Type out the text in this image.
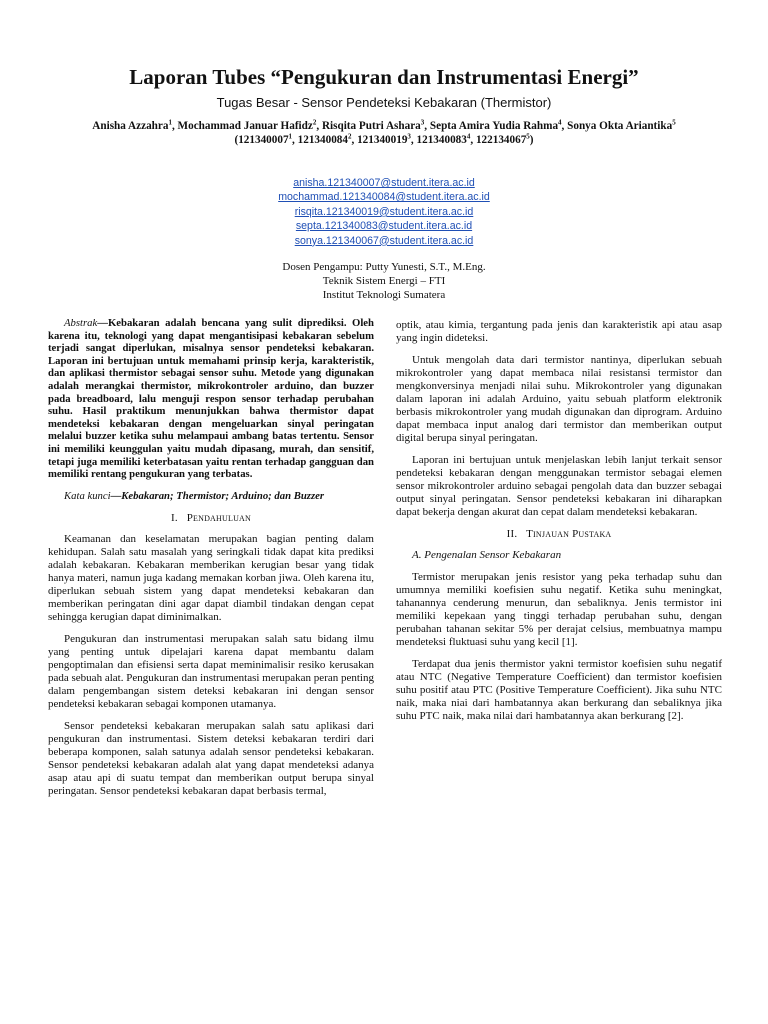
Laporan Tubes “Pengukuran dan Instrumentasi Energi”
Tugas Besar - Sensor Pendeteksi Kebakaran (Thermistor)
Anisha Azzahra$^1$, Mochammad Januar Hafidz$^2$, Risqita Putri Ashara$^3$, Septa Amira Yudia Rahma$^4$, Sonya Okta Ariantika$^5$
(121340007$^1$, 121340084$^2$, 121340019$^3$, 121340083$^4$, 122134067$^5$)
anisha.121340007@student.itera.ac.id
mochammad.121340084@student.itera.ac.id
risqita.121340019@student.itera.ac.id
septa.121340083@student.itera.ac.id
sonya.121340067@student.itera.ac.id
Dosen Pengampu: Putty Yunesti, S.T., M.Eng.
Teknik Sistem Energi – FTI
Institut Teknologi Sumatera

Abstrak—Kebakaran adalah bencana yang sulit diprediksi. Oleh karena itu, teknologi yang dapat mengantisipasi kebakaran sebelum terjadi sangat diperlukan, misalnya sensor pendeteksi kebakaran. Laporan ini bertujuan untuk memahami prinsip kerja, karakteristik, dan aplikasi thermistor sebagai sensor suhu. Metode yang digunakan adalah merangkai thermistor, mikrokontroler arduino, dan buzzer pada breadboard, lalu menguji respon sensor terhadap perubahan suhu. Hasil praktikum menunjukkan bahwa thermistor dapat mendeteksi kebakaran dengan mengeluarkan sinyal peringatan melalui buzzer ketika suhu melampaui ambang batas tertentu. Sensor ini memiliki keunggulan yaitu mudah dipasang, murah, dan sensitif, tetapi juga memiliki keterbatasan yaitu rentan terhadap gangguan dan memiliki rentang pengukuran yang terbatas.

Kata kunci—Kebakaran; Thermistor; Arduino; dan Buzzer

I. Pendahuluan

Keamanan dan keselamatan merupakan bagian penting dalam kehidupan. Salah satu masalah yang seringkali tidak dapat kita prediksi adalah kebakaran. Kebakaran memberikan kerugian besar yang tidak hanya materi, namun juga kadang memakan korban jiwa. Oleh karena itu, diperlukan sebuah sistem yang dapat mendeteksi kebakaran dan memberikan peringatan dini agar dapat diambil tindakan dengan cepat sehingga kerugian dapat diminimalkan.

Pengukuran dan instrumentasi merupakan salah satu bidang ilmu yang penting untuk dipelajari karena dapat membantu dalam pengoptimalan dan efisiensi serta dapat meminimalisir resiko kerusakan pada sebuah alat. Pengukuran dan instrumentasi merupakan peran penting dalam pengembangan sistem deteksi kebakaran ini dengan sensor pendeteksi kebakaran sebagai komponen utamanya.

Sensor pendeteksi kebakaran merupakan salah satu aplikasi dari pengukuran dan instrumentasi. Sistem deteksi kebakaran terdiri dari beberapa komponen, salah satunya adalah sensor pendeteksi kebakaran. Sensor pendeteksi kebakaran adalah alat yang dapat mendeteksi adanya asap atau api di suatu tempat dan memberikan output berupa sinyal peringatan. Sensor pendeteksi kebakaran dapat berbasis termal,

optik, atau kimia, tergantung pada jenis dan karakteristik api atau asap yang ingin dideteksi.

Untuk mengolah data dari termistor nantinya, diperlukan sebuah mikrokontroler yang dapat membaca nilai resistansi termistor dan mengkonversinya menjadi nilai suhu. Mikrokontroler yang digunakan dalam laporan ini adalah Arduino, yaitu sebuah platform elektronik berbasis mikrokontroler yang mudah digunakan dan diprogram. Arduino dapat membaca input analog dari termistor dan memberikan output digital berupa sinyal peringatan.

Laporan ini bertujuan untuk menjelaskan lebih lanjut terkait sensor pendeteksi kebakaran dengan menggunakan termistor sebagai elemen sensor mikrokontroler arduino sebagai pengolah data dan buzzer sebagai output sinyal peringatan. Sensor pendeteksi kebakaran ini diharapkan dapat bekerja dengan akurat dan cepat dalam mendeteksi kebakaran.

II. Tinjauan Pustaka

A. Pengenalan Sensor Kebakaran

Termistor merupakan jenis resistor yang peka terhadap suhu dan umumnya memiliki koefisien suhu negatif. Ketika suhu meningkat, tahanannya cenderung menurun, dan sebaliknya. Jenis termistor ini memiliki kepekaan yang tinggi terhadap perubahan suhu, dengan perubahan tahanan sekitar 5% per derajat celsius, membuatnya mampu mendeteksi fluktuasi suhu yang kecil [1].

Terdapat dua jenis thermistor yakni termistor koefisien suhu negatif atau NTC (Negative Temperature Coefficient) dan termistor koefisien suhu positif atau PTC (Positive Temperature Coefficient). Jika suhu NTC naik, maka niai dari hambatannya akan berkurang dan sebaliknya jika suhu PTC naik, maka nilai dari hambatannya akan berkurang [2].
